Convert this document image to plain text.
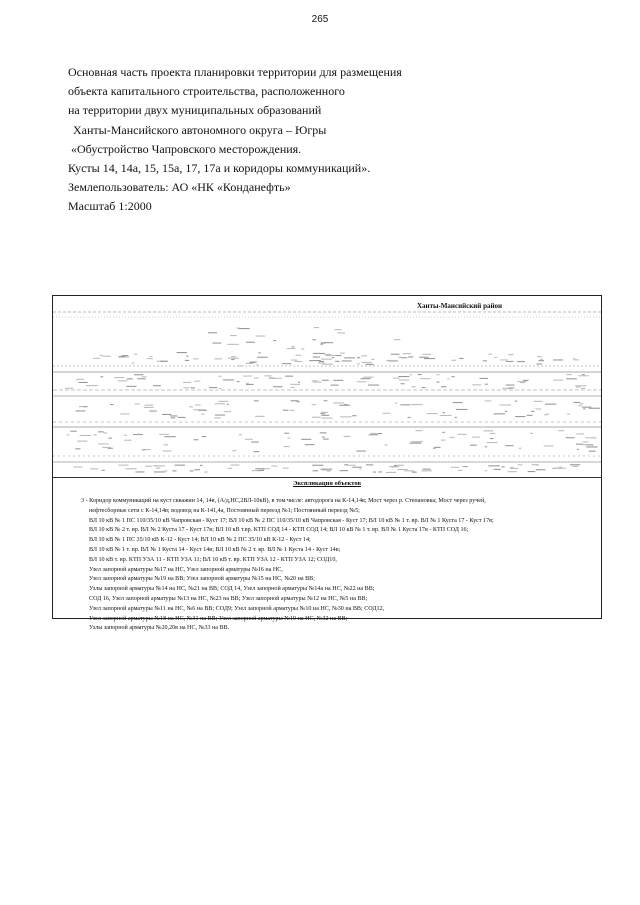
265
Основная часть проекта планировки территории для размещения
объекта капитального строительства, расположенного
на территории двух муниципальных образований
Ханты-Мансийского автономного округа – Югры
«Обустройство Чапровского месторождения.
Кусты 14, 14а, 15, 15а, 17, 17а и коридоры коммуникаций».
Землепользователь: АО «НК «Конданефть»
Масштаб 1:2000
Ханты-Мансийский район
Экспликация объектов
3 - Коридор коммуникаций на куст скважин 14, 14в, (А/д,НС,2ВЛ-10кВ), в том числе: автодорога на К-14,14в; Мост через р. Степановка; Мост через ручей,
нефтесборные сети с К-14,14в; водовод на К-141,4а, Постоянный переезд №1; Постоянный переезд №5;
ВЛ 10 кВ № 1 ПС 110/35/10 кВ Чапровская - Куст 17; ВЛ 10 кВ № 2 ПС 110/35/10 кВ Чапровская - Куст 17; ВЛ 10 кВ № 1 т. вр. ВЛ № 1 Куста 17 - Куст 17в;
ВЛ 10 кВ № 2 т. вр. ВЛ № 2 Куста 17 - Куст 17в; ВЛ 10 кВ т.вр. КТП СОД 14 - КТП СОД 14; ВЛ 10 кВ № 1 т. вр. ВЛ № 1 Куста 17в - КТП СОД 16;
ВЛ 10 кВ № 1 ПС 35/10 кВ К-12 - Куст 14; ВЛ 10 кВ № 2 ПС 35/10 кВ К-12 - Куст 14;
ВЛ 10 кВ № 1 т. вр. ВЛ № 1 Куста 14 - Куст 14в; ВЛ 10 кВ № 2 т. вр. ВЛ № 1 Куста 14 - Куст 14в;
ВЛ 10 кВ т. вр. КТП УЗА 11 - КТП УЗА 11; ВЛ 10 кВ т. вр. КТП УЗА 12 - КТП УЗА 12; СОД10,
Узел запорной арматуры №17 на НС, Узел запорной арматуры №16 на НС,
Узел запорной арматуры №19 на ВВ; Узел запорной арматуры №15 на НС, №20 на ВВ;
Узлы запорной арматуры №14 на НС, №21 на ВВ; СОД 14, Узел запорной арматуры №14а на НС, №22 на ВВ;
СОД 16, Узел запорной арматуры №13 на НС, №23 на ВВ; Узел запорной арматуры №12 на НС, №5 на ВВ;
Узел запорной арматуры №11 на НС, №6 на ВВ; СОД9; Узел запорной арматуры №10 на НС, №30 на ВВ; СОД12,
Узел запорной арматуры №18 на НС, №31 на ВВ; Узел запорной арматуры №19 на НС, №32 на ВВ;
Узлы запорной арматуры №20,20в на НС, №33 на ВВ.
